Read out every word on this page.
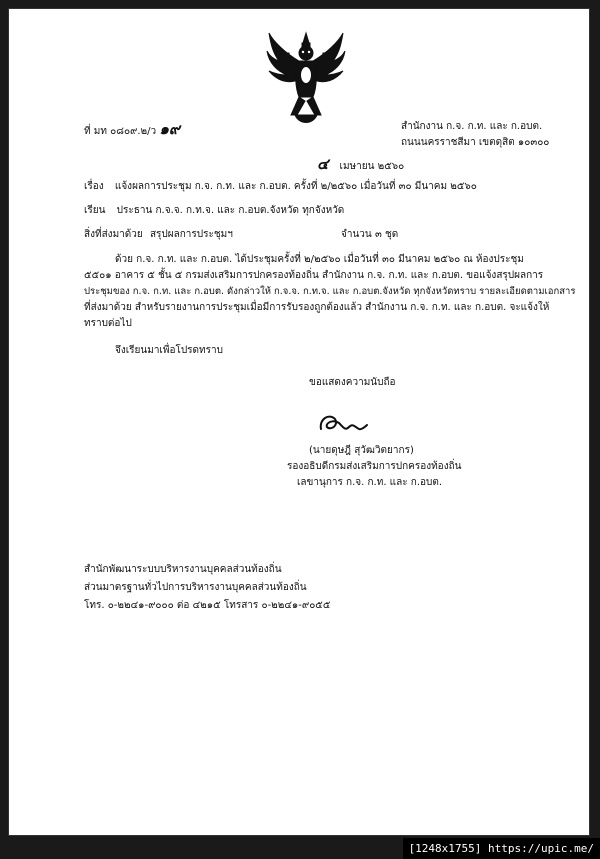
ที่ มท ๐๘๐๙.๒/ว ๑๙	สำนักงาน ก.จ. ก.ท. และ ก.อบต.
ถนนนครราชสีมา เขตดุสิต ๑๐๓๐๐
๔ เมษายน ๒๕๖๐
เรื่อง แจ้งผลการประชุม ก.จ. ก.ท. และ ก.อบต. ครั้งที่ ๒/๒๕๖๐ เมื่อวันที่ ๓๐ มีนาคม ๒๕๖๐
เรียน ประธาน ก.จ.จ. ก.ท.จ. และ ก.อบต.จังหวัด ทุกจังหวัด
สิ่งที่ส่งมาด้วย สรุปผลการประชุมฯ	จำนวน ๓ ชุด
ด้วย ก.จ. ก.ท. และ ก.อบต. ได้ประชุมครั้งที่ ๒/๒๕๖๐ เมื่อวันที่ ๓๐ มีนาคม ๒๕๖๐ ณ ห้องประชุม
๕๕๐๑ อาคาร ๕ ชั้น ๕ กรมส่งเสริมการปกครองท้องถิ่น สำนักงาน ก.จ. ก.ท. และ ก.อบต. ขอแจ้งสรุปผลการ
ประชุมของ ก.จ. ก.ท. และ ก.อบต. ดังกล่าวให้ ก.จ.จ. ก.ท.จ. และ ก.อบต.จังหวัด ทุกจังหวัดทราบ รายละเอียดตามเอกสาร
ที่ส่งมาด้วย สำหรับรายงานการประชุมเมื่อมีการรับรองถูกต้องแล้ว สำนักงาน ก.จ. ก.ท. และ ก.อบต. จะแจ้งให้
ทราบต่อไป
จึงเรียนมาเพื่อโปรดทราบ
ขอแสดงความนับถือ
(นายดุษฎี สุวัฒวิตยากร)
รองอธิบดีกรมส่งเสริมการปกครองท้องถิ่น
เลขานุการ ก.จ. ก.ท. และ ก.อบต.
สำนักพัฒนาระบบบริหารงานบุคคลส่วนท้องถิ่น
ส่วนมาตรฐานทั่วไปการบริหารงานบุคคลส่วนท้องถิ่น
โทร. ๐-๒๒๔๑-๙๐๐๐ ต่อ ๔๒๑๕ โทรสาร ๐-๒๒๔๑-๙๐๕๕
[1248x1755] https://upic.me/
